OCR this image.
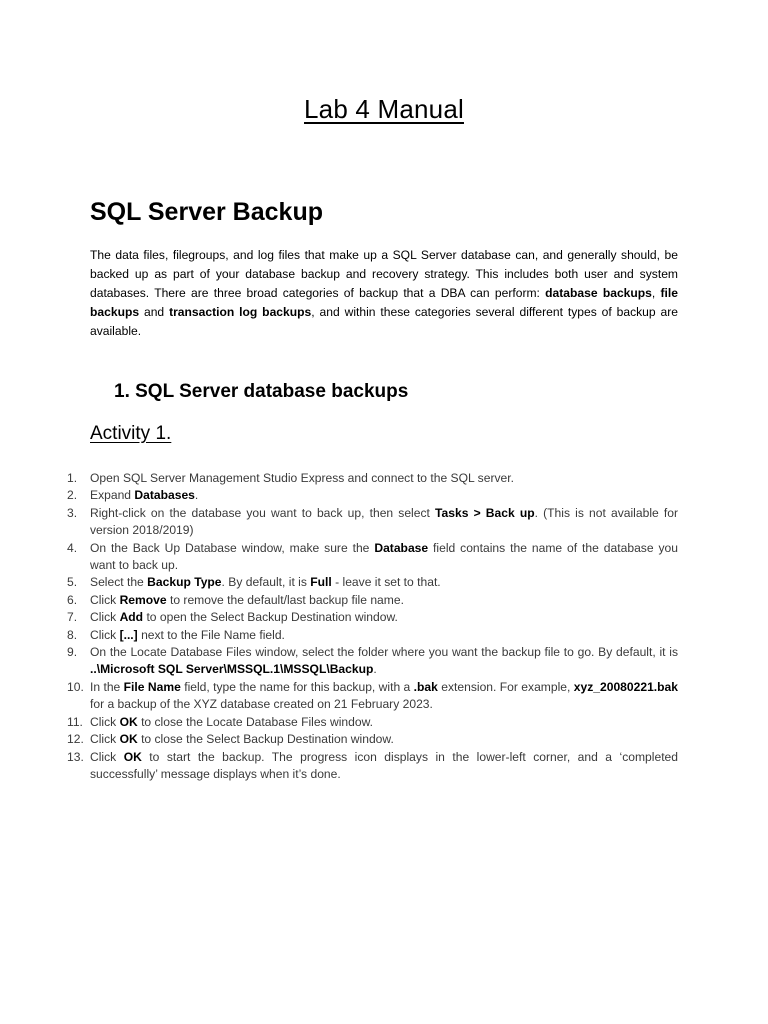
Lab 4 Manual
SQL Server Backup

The data files, filegroups, and log files that make up a SQL Server database can, and generally should, be backed up as part of your database backup and recovery strategy. This includes both user and system databases. There are three broad categories of backup that a DBA can perform: database backups, file backups and transaction log backups, and within these categories several different types of backup are available.

1. SQL Server database backups
Activity 1.
1.	Open SQL Server Management Studio Express and connect to the SQL server.
2.	Expand Databases.
3.	Right-click on the database you want to back up, then select Tasks > Back up. (This is not available for version 2018/2019)
4.	On the Back Up Database window, make sure the Database field contains the name of the database you want to back up.
5.	Select the Backup Type. By default, it is Full - leave it set to that.
6.	Click Remove to remove the default/last backup file name.
7.	Click Add to open the Select Backup Destination window.
8.	Click [...] next to the File Name field.
9.	On the Locate Database Files window, select the folder where you want the backup file to go. By default, it is ..\Microsoft SQL Server\MSSQL.1\MSSQL\Backup.
10. In the File Name field, type the name for this backup, with a .bak extension. For example, xyz_20080221.bak for a backup of the XYZ database created on 21 February 2023.
11. Click OK to close the Locate Database Files window.
12. Click OK to close the Select Backup Destination window.
13. Click OK to start the backup. The progress icon displays in the lower-left corner, and a ‘completed successfully’ message displays when it’s done.
